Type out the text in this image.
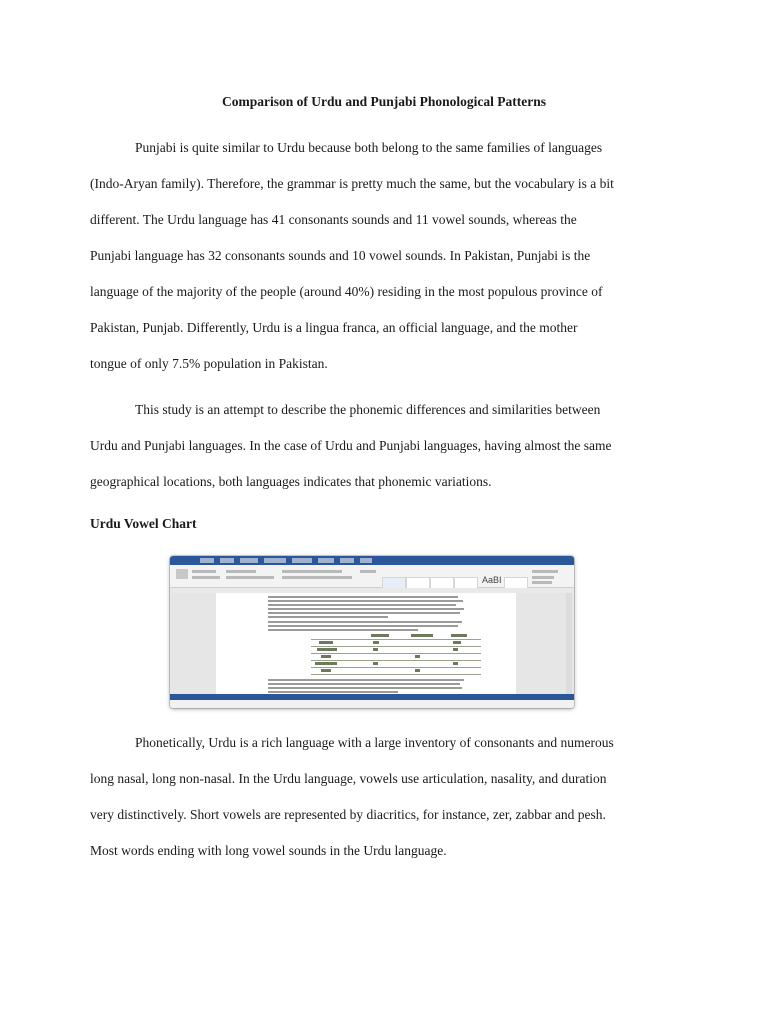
Comparison of Urdu and Punjabi Phonological Patterns

Punjabi is quite similar to Urdu because both belong to the same families of languages
(Indo-Aryan family). Therefore, the grammar is pretty much the same, but the vocabulary is a bit
different. The Urdu language has 41 consonants sounds and 11 vowel sounds, whereas the
Punjabi language has 32 consonants sounds and 10 vowel sounds. In Pakistan, Punjabi is the
language of the majority of the people (around 40%) residing in the most populous province of
Pakistan, Punjab. Differently, Urdu is a lingua franca, an official language, and the mother
tongue of only 7.5% population in Pakistan.

This study is an attempt to describe the phonemic differences and similarities between
Urdu and Punjabi languages. In the case of Urdu and Punjabi languages, having almost the same
geographical locations, both languages indicates that phonemic variations.

Urdu Vowel Chart
AaBI

Phonetically, Urdu is a rich language with a large inventory of consonants and numerous
long nasal, long non-nasal. In the Urdu language, vowels use articulation, nasality, and duration
very distinctively. Short vowels are represented by diacritics, for instance, zer, zabbar and pesh.
Most words ending with long vowel sounds in the Urdu language.
